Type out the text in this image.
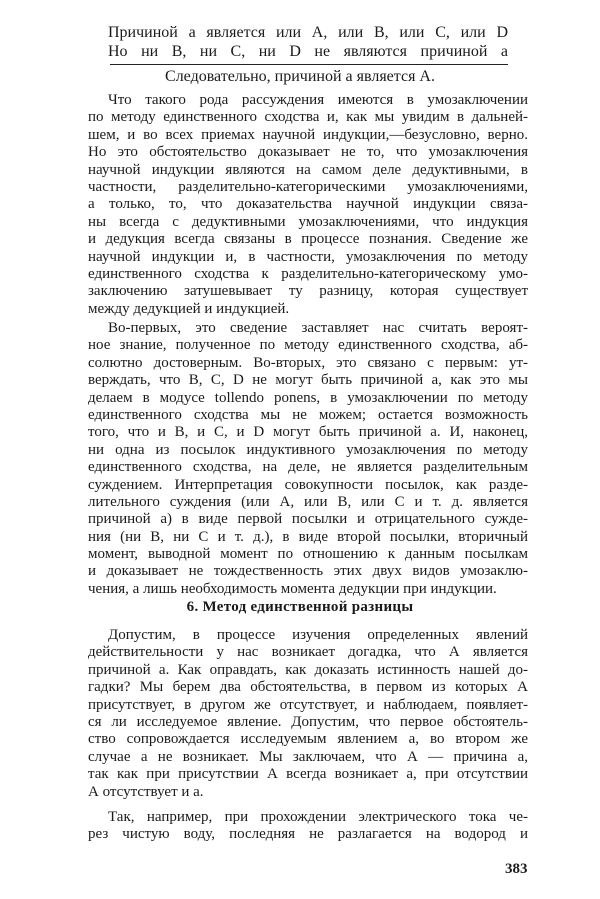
Причиной а является или А, или В, или С, или D
Но ни В, ни С, ни D не являются причиной а
Следовательно, причиной а является А.
Что такого рода рассуждения имеются в умозаключении
по методу единственного сходства и, как мы увидим в дальней-
шем, и во всех приемах научной индукции,—безусловно, верно.
Но это обстоятельство доказывает не то, что умозаключения
научной индукции являются на самом деле дедуктивными, в
частности, разделительно-категорическими умозаключениями,
а только, то, что доказательства научной индукции связа-
ны всегда с дедуктивными умозаключениями, что индукция
и дедукция всегда связаны в процессе познания. Сведение же
научной индукции и, в частности, умозаключения по методу
единственного сходства к разделительно-категорическому умо-
заключению затушевывает ту разницу, которая существует
между дедукцией и индукцией.
Во-первых, это сведение заставляет нас считать вероят-
ное знание, полученное по методу единственного сходства, аб-
солютно достоверным. Во-вторых, это связано с первым: ут-
верждать, что В, С, D не могут быть причиной а, как это мы
делаем в модусе tollendo ponens, в умозаключении по методу
единственного сходства мы не можем; остается возможность
того, что и В, и С, и D могут быть причиной а. И, наконец,
ни одна из посылок индуктивного умозаключения по методу
единственного сходства, на деле, не является разделительным
суждением. Интерпретация совокупности посылок, как разде-
лительного суждения (или А, или В, или С и т. д. является
причиной а) в виде первой посылки и отрицательного сужде-
ния (ни В, ни С и т. д.), в виде второй посылки, вторичный
момент, выводной момент по отношению к данным посылкам
и доказывает не тождественность этих двух видов умозаклю-
чения, а лишь необходимость момента дедукции при индукции.
6. Метод единственной разницы
Допустим, в процессе изучения определенных явлений
действительности у нас возникает догадка, что А является
причиной а. Как оправдать, как доказать истинность нашей до-
гадки? Мы берем два обстоятельства, в первом из которых А
присутствует, в другом же отсутствует, и наблюдаем, появляет-
ся ли исследуемое явление. Допустим, что первое обстоятель-
ство сопровождается исследуемым явлением а, во втором же
случае а не возникает. Мы заключаем, что А — причина а,
так как при присутствии А всегда возникает а, при отсутствии
А отсутствует и а.
Так, например, при прохождении электрического тока че-
рез чистую воду, последняя не разлагается на водород и
383
